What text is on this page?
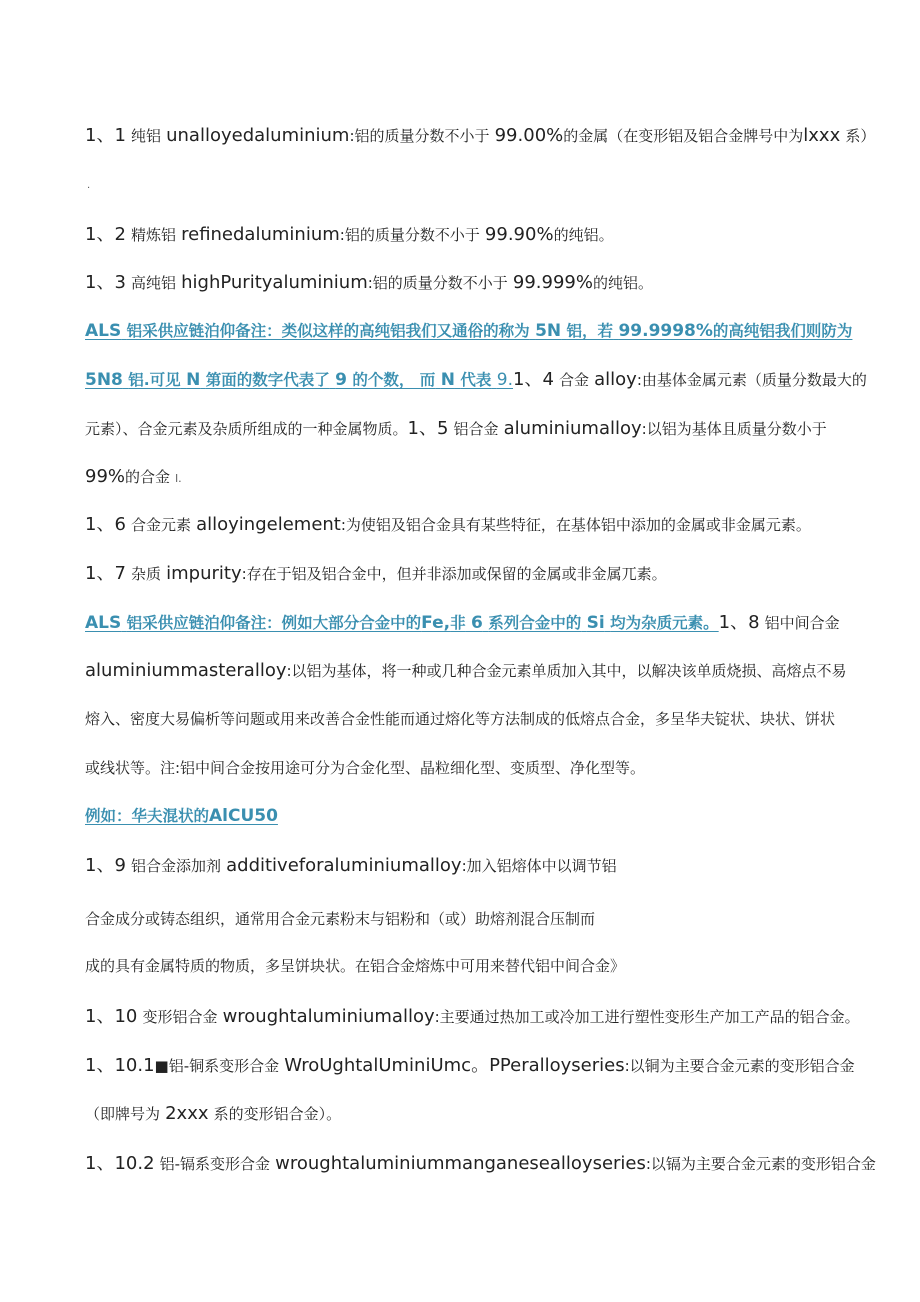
1、1 纯铝 unalloyedaluminium:铝的质量分数不小于 99.00%的金属（在变形铝及铝合金牌号中为lxxx 系）
·
1、2 精炼铝 refinedaluminium:铝的质量分数不小于 99.90%的纯铝。
1、3 高纯铝 highPurityaluminium:铝的质量分数不小于 99.999%的纯铝。
ALS 铝采供应链泊仰备注：类似这样的高纯铝我们又通俗的称为 5N 铝，若 99.9998%的高纯铝我们则防为
5N8 铝.可见 N 第面的数字代表了 9 的个数， 而 N 代表 9.1、4 合金 alloy:由基体金属元素（质量分数最大的
元素）、合金元素及杂质所组成的一种金属物质。1、5 铝合金 aluminiumalloy:以铝为基体且质量分数小于
99%的合金 l.
1、6 合金元素 alloyingelement:为使铝及铝合金具有某些特征，在基体铝中添加的金属或非金属元素。
1、7 杂质 impurity:存在于铝及铝合金中，但并非添加或保留的金属或非金属兀素。
ALS 铝采供应链泊仰备注：例如大部分合金中的Fe,非 6 系列合金中的 Si 均为杂质元素。1、8 铝中间合金
aluminiummasteralloy:以铝为基体，将一种或几种合金元素单质加入其中，以解决该单质烧损、高熔点不易
熔入、密度大易偏析等问题或用来改善合金性能而通过熔化等方法制成的低熔点合金，多呈华夫锭状、块状、饼状
或线状等。注:铝中间合金按用途可分为合金化型、晶粒细化型、变质型、净化型等。
例如：华夫混状的AlCU50
1、9 铝合金添加剂 additiveforaluminiumalloy:加入铝熔体中以调节铝
合金成分或铸态组织，通常用合金元素粉末与铝粉和（或）助熔剂混合压制而
成的具有金属特质的物质，多呈饼块状。在铝合金熔炼中可用来替代铝中间合金》
1、10 变形铝合金 wroughtaluminiumalloy:主要通过热加工或冷加工进行塑性变形生产加工产品的铝合金。
1、10.1■铝-铜系变形合金 WroUghtalUminiUmc。PPeralloyseries:以铜为主要合金元素的变形铝合金
（即牌号为 2xxx 系的变形铝合金）。
1、10.2 铝-镉系变形合金 wroughtaluminiummanganesealloyseries:以镉为主要合金元素的变形铝合金
